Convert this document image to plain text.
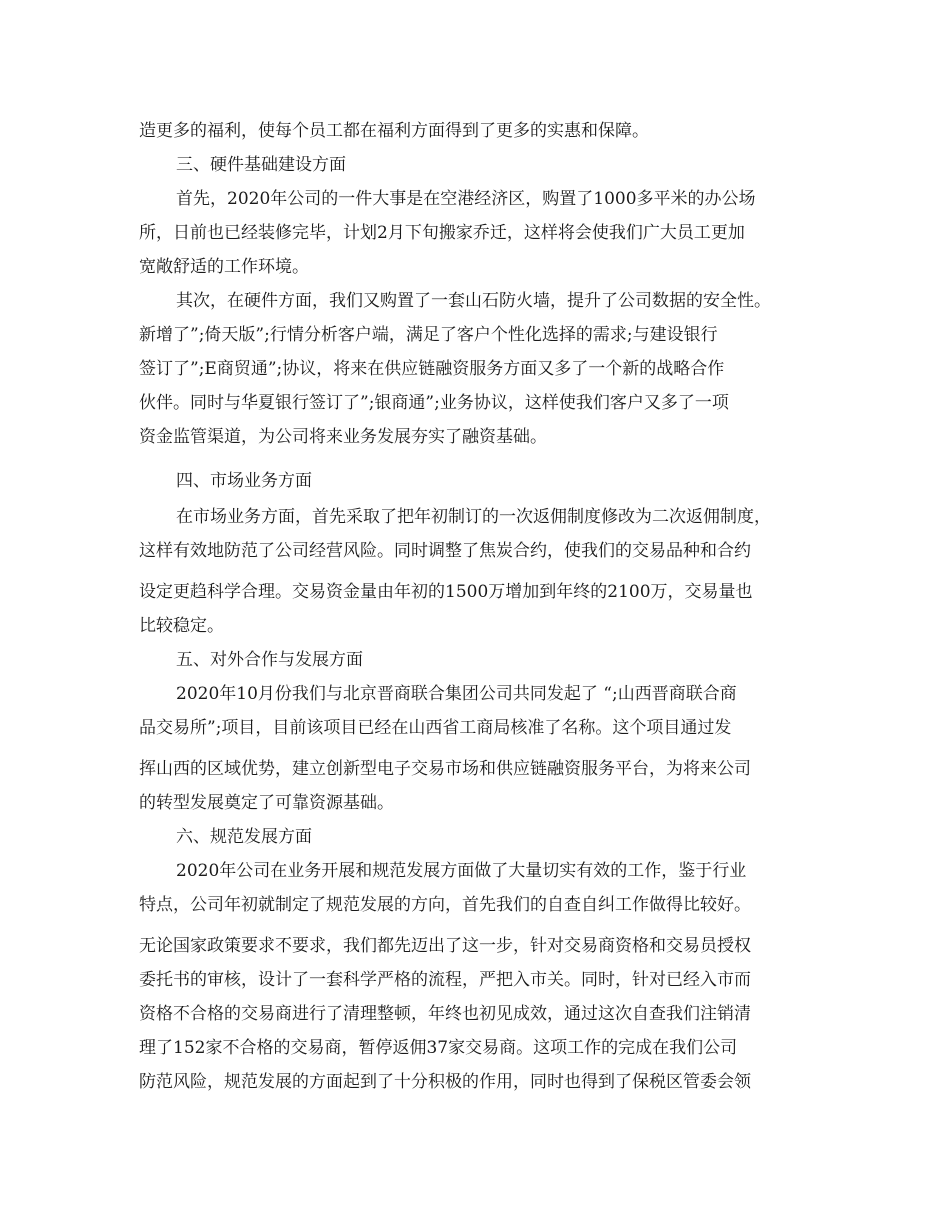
造更多的福利，使每个员工都在福利方面得到了更多的实惠和保障。
三、硬件基础建设方面
首先，2020年公司的一件大事是在空港经济区，购置了1000多平米的办公场
所，日前也已经装修完毕，计划2月下旬搬家乔迁，这样将会使我们广大员工更加
宽敞舒适的工作环境。
其次，在硬件方面，我们又购置了一套山石防火墙，提升了公司数据的安全性。
新增了”;倚天版”;行情分析客户端，满足了客户个性化选择的需求;与建设银行
签订了”;E商贸通”;协议，将来在供应链融资服务方面又多了一个新的战略合作
伙伴。同时与华夏银行签订了”;银商通”;业务协议，这样使我们客户又多了一项
资金监管渠道，为公司将来业务发展夯实了融资基础。
四、市场业务方面
在市场业务方面，首先采取了把年初制订的一次返佣制度修改为二次返佣制度，
这样有效地防范了公司经营风险。同时调整了焦炭合约，使我们的交易品种和合约
设定更趋科学合理。交易资金量由年初的1500万增加到年终的2100万，交易量也
比较稳定。
五、对外合作与发展方面
2020年10月份我们与北京晋商联合集团公司共同发起了 “;山西晋商联合商
品交易所”;项目，目前该项目已经在山西省工商局核准了名称。这个项目通过发
挥山西的区域优势，建立创新型电子交易市场和供应链融资服务平台，为将来公司
的转型发展奠定了可靠资源基础。
六、规范发展方面
2020年公司在业务开展和规范发展方面做了大量切实有效的工作，鉴于行业
特点，公司年初就制定了规范发展的方向，首先我们的自查自纠工作做得比较好。
无论国家政策要求不要求，我们都先迈出了这一步，针对交易商资格和交易员授权
委托书的审核，设计了一套科学严格的流程，严把入市关。同时，针对已经入市而
资格不合格的交易商进行了清理整顿，年终也初见成效，通过这次自查我们注销清
理了152家不合格的交易商，暂停返佣37家交易商。这项工作的完成在我们公司
防范风险，规范发展的方面起到了十分积极的作用，同时也得到了保税区管委会领
